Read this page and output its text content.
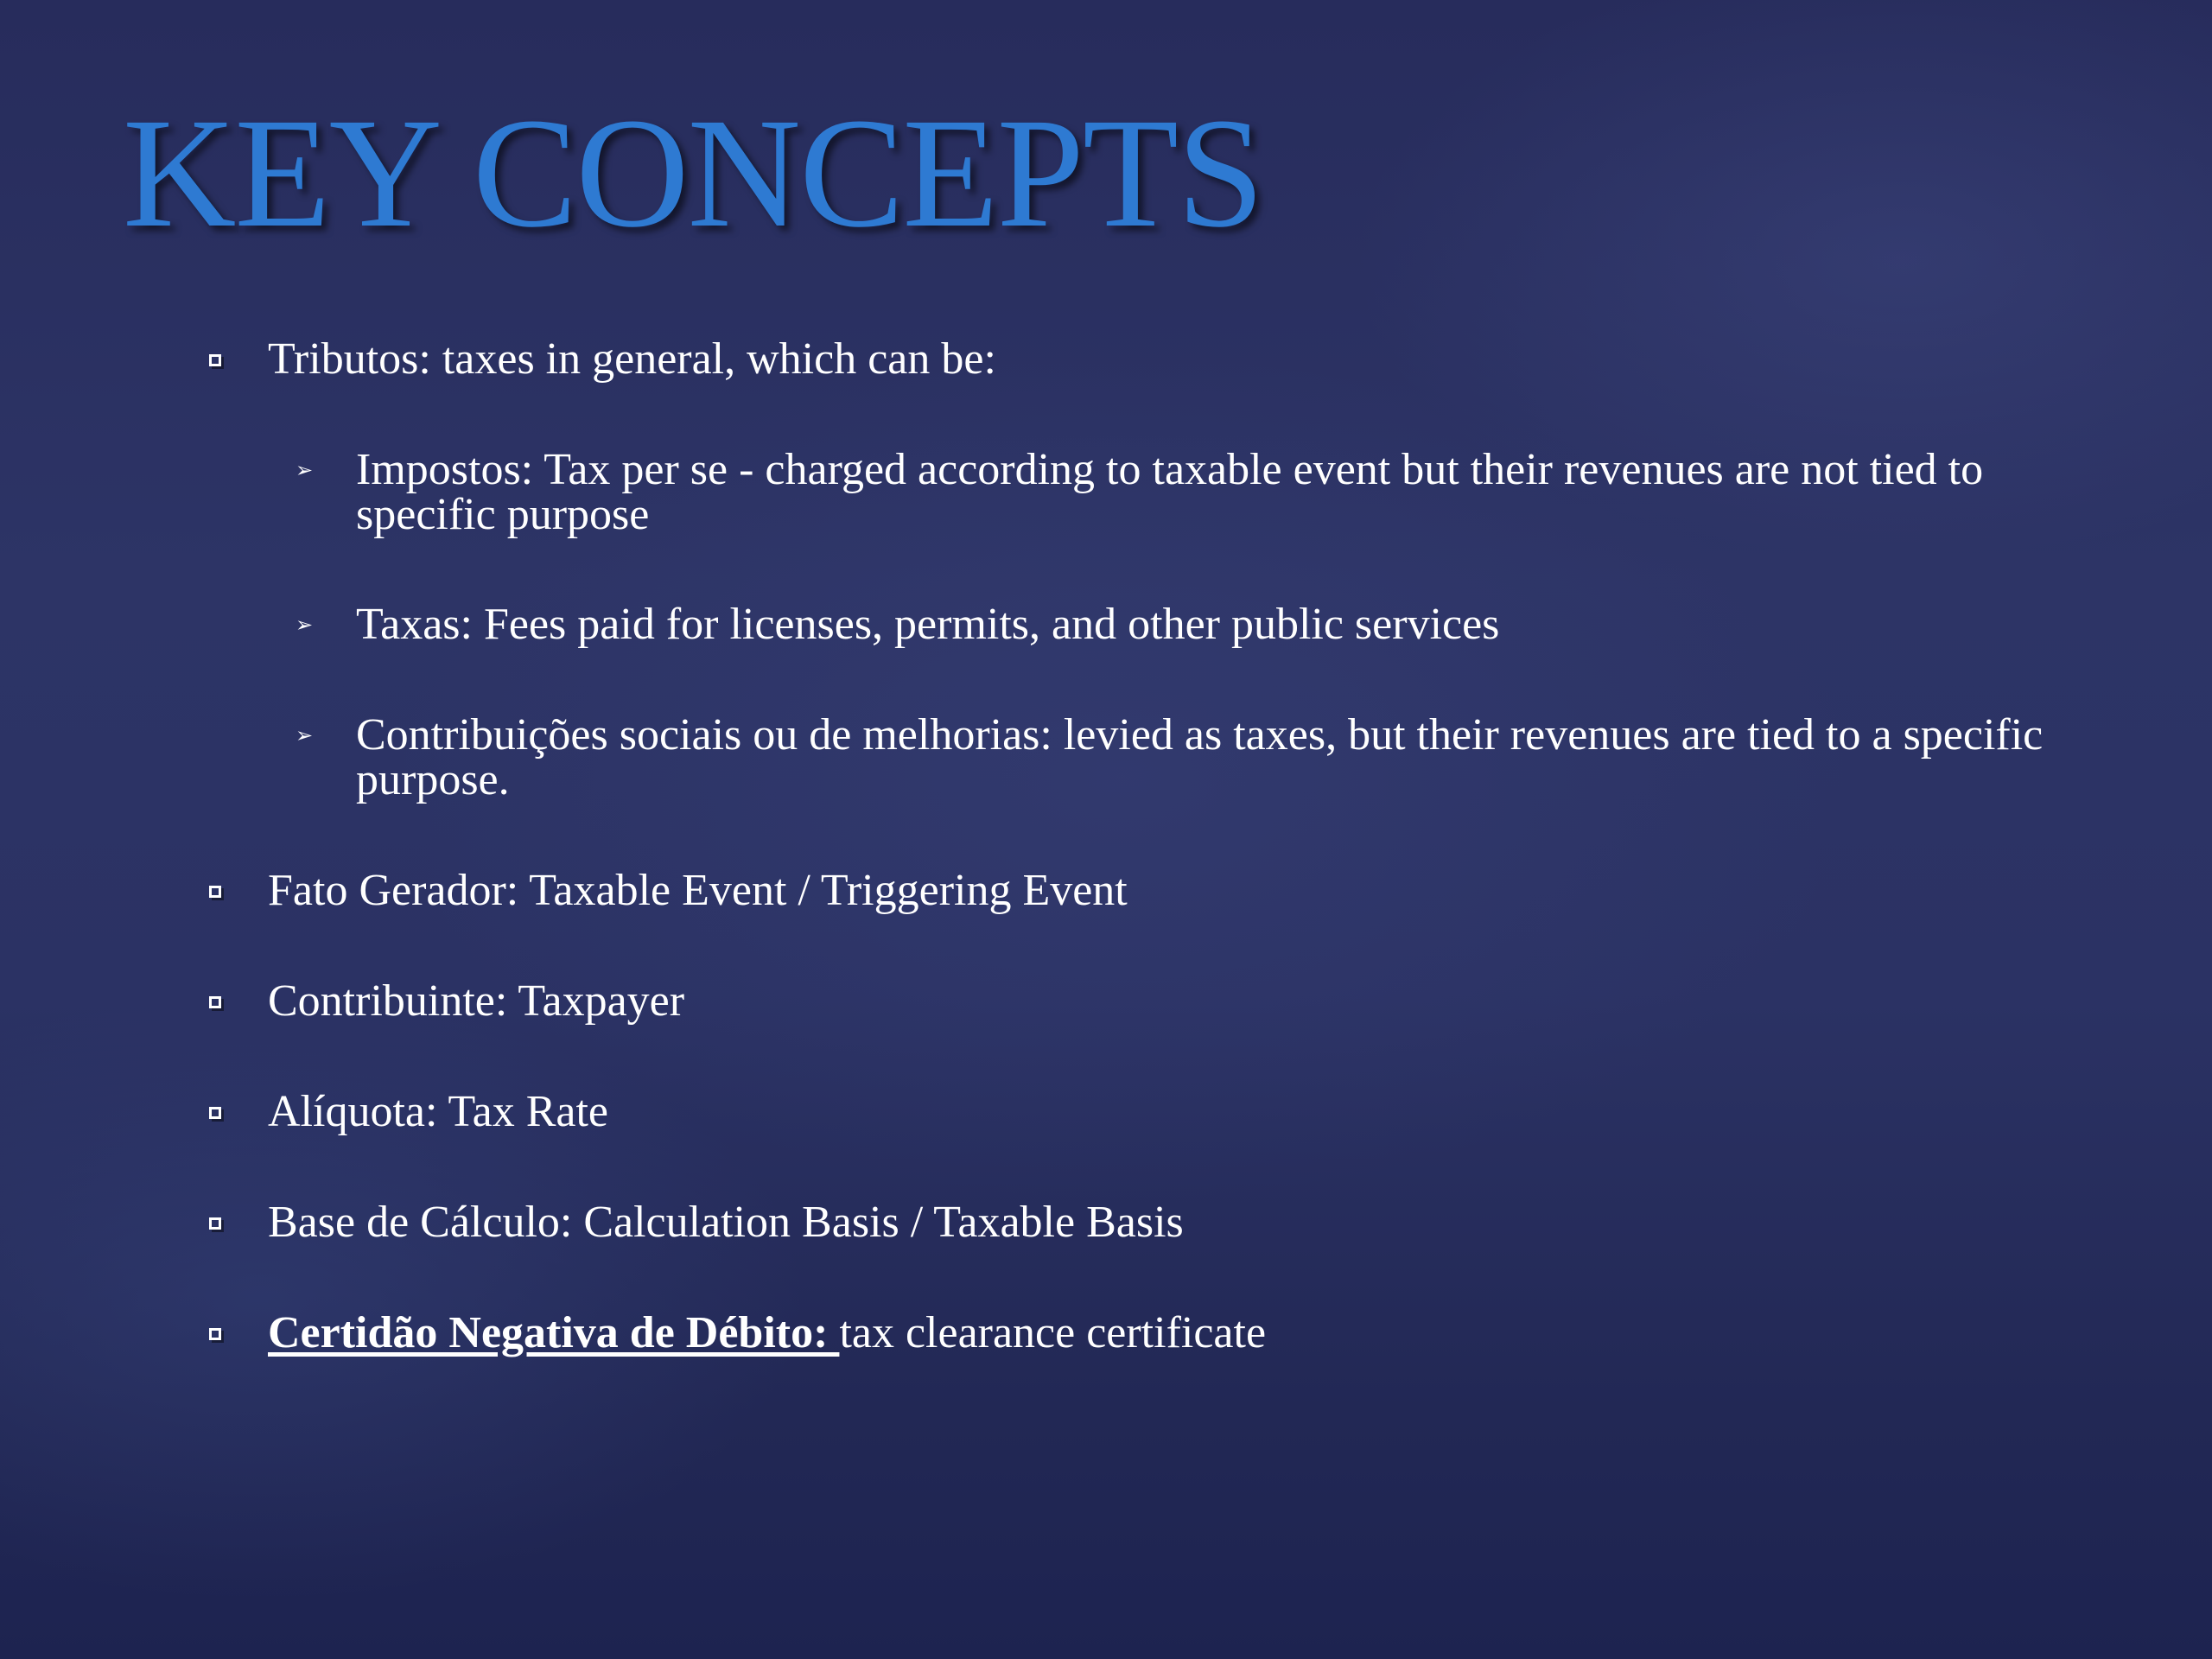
KEY CONCEPTS
Tributos: taxes in general, which can be:
➢ Impostos: Tax per se - charged according to taxable event but their revenues are not tied to specific purpose
➢ Taxas: Fees paid for licenses, permits, and other public services
➢ Contribuições sociais ou de melhorias: levied as taxes, but their revenues are tied to a specific purpose.
Fato Gerador: Taxable Event / Triggering Event
Contribuinte: Taxpayer
Alíquota: Tax Rate
Base de Cálculo: Calculation Basis / Taxable Basis
Certidão Negativa de Débito: tax clearance certificate
